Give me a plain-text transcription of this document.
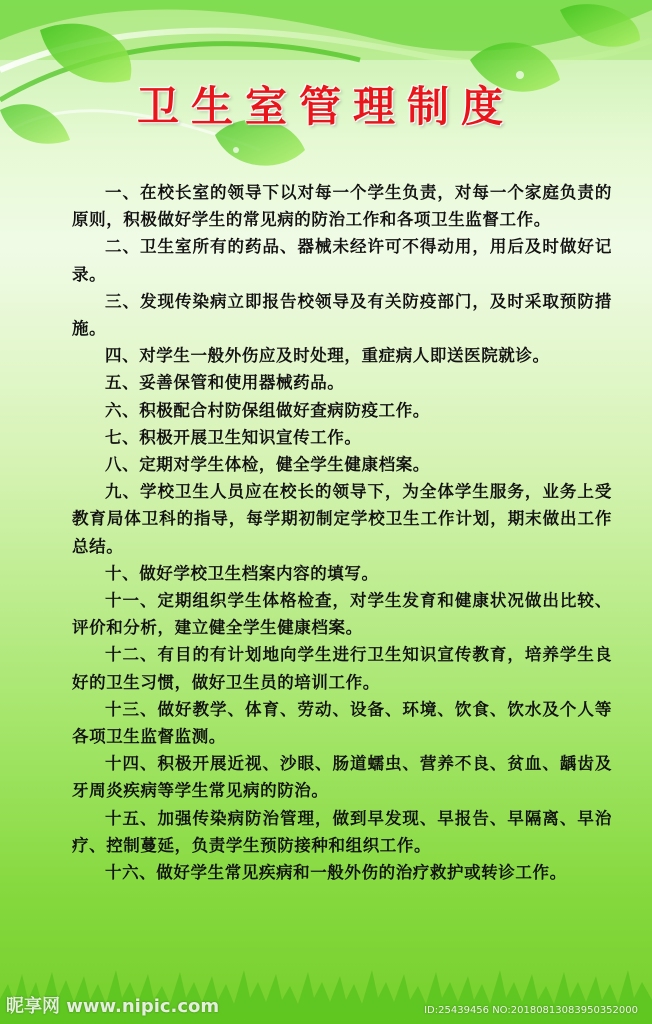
卫生室管理制度

一、在校长室的领导下以对每一个学生负责，对每一个家庭负责的原则，积极做好学生的常见病的防治工作和各项卫生监督工作。

二、卫生室所有的药品、器械未经许可不得动用，用后及时做好记录。

三、发现传染病立即报告校领导及有关防疫部门，及时采取预防措施。

四、对学生一般外伤应及时处理，重症病人即送医院就诊。

五、妥善保管和使用器械药品。

六、积极配合村防保组做好查病防疫工作。

七、积极开展卫生知识宣传工作。

八、定期对学生体检，健全学生健康档案。

九、学校卫生人员应在校长的领导下，为全体学生服务，业务上受教育局体卫科的指导，每学期初制定学校卫生工作计划，期末做出工作总结。

十、做好学校卫生档案内容的填写。

十一、定期组织学生体格检查，对学生发育和健康状况做出比较、评价和分析，建立健全学生健康档案。

十二、有目的有计划地向学生进行卫生知识宣传教育，培养学生良好的卫生习惯，做好卫生员的培训工作。

十三、做好教学、体育、劳动、设备、环境、饮食、饮水及个人等各项卫生监督监测。

十四、积极开展近视、沙眼、肠道蠕虫、营养不良、贫血、龋齿及牙周炎疾病等学生常见病的防治。

十五、加强传染病防治管理，做到早发现、早报告、早隔离、早治疗、控制蔓延，负责学生预防接种和组织工作。

十六、做好学生常见疾病和一般外伤的治疗救护或转诊工作。

昵享网 www.nipic.com	ID:25439456 NO:20180813083950352000
